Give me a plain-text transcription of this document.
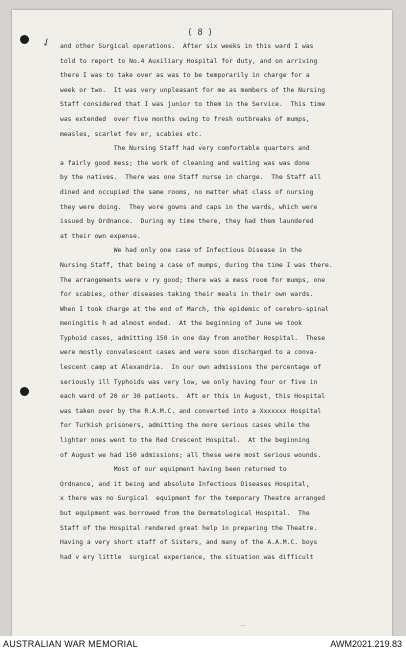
✓
( 8 )
~
and other Surgical operations.  After six weeks in this ward I was
told to report to No.4 Auxiliary Hospital for duty, and on arriving
there I was to take over as was to be temporarily in charge for a
week or two.  It was very unpleasant for me as members of the Nursing
Staff considered that I was junior to them in the Service.  This time
was extended  over five months owing to fresh outbreaks of mumps,
measles, scarlet fev er, scabies etc.
The Nursing Staff had very comfortable quarters and
a fairly good mess; the work of cleaning and waiting was was done
by the natives.  There was one Staff nurse in charge.  The Staff all
dined and occupied the same rooms, no matter what class of nursing
they were doing.  They wore gowns and caps in the wards, which were
issued by Ordnance.  During my time there, they had them laundered
at their own expense.
We had only one case of Infectious Disease in the
Nursing Staff, that being a case of mumps, during the time I was there.
The arrangements were v ry good; there was a mess room for mumps, one
for scabies, other diseases taking their meals in their own wards.
When I took charge at the end of March, the epidemic of cerebro-spinal
meningitis h ad almost ended.  At the beginning of June we took
Typhoid cases, admitting 150 in one day from another Hospital.  These
were mostly convalescent cases and were soon discharged to a conva-
lescent camp at Alexandria.  In our own admissions the percentage of
seriously ill Typhoids was very low, we only having four or five in
each ward of 20 or 30 patients.  Aft er this in August, this Hospital
was taken over by the R.A.M.C. and converted into a Xxxxxxx Hospital
for Turkish prisoners, admitting the more serious cases while the
lighter ones went to the Red Crescent Hospital.  At the beginning
of August we had 150 admissions; all these were most serious wounds.
Most of our equipment having been returned to
Ordnance, and it being and absolute Infectious Diseases Hospital,
x there was no Surgical  equipment for the temporary Theatre arranged
but equipment was borrowed from the Dermatological Hospital.  The
Staff of the Hospital rendered great help in preparing the Theatre.
Having a very short staff of Sisters, and many of the A.A.M.C. boys
had v ery little  surgical experience, the situation was difficult
AUSTRALIAN WAR MEMORIAL	AWM2021.219.83
